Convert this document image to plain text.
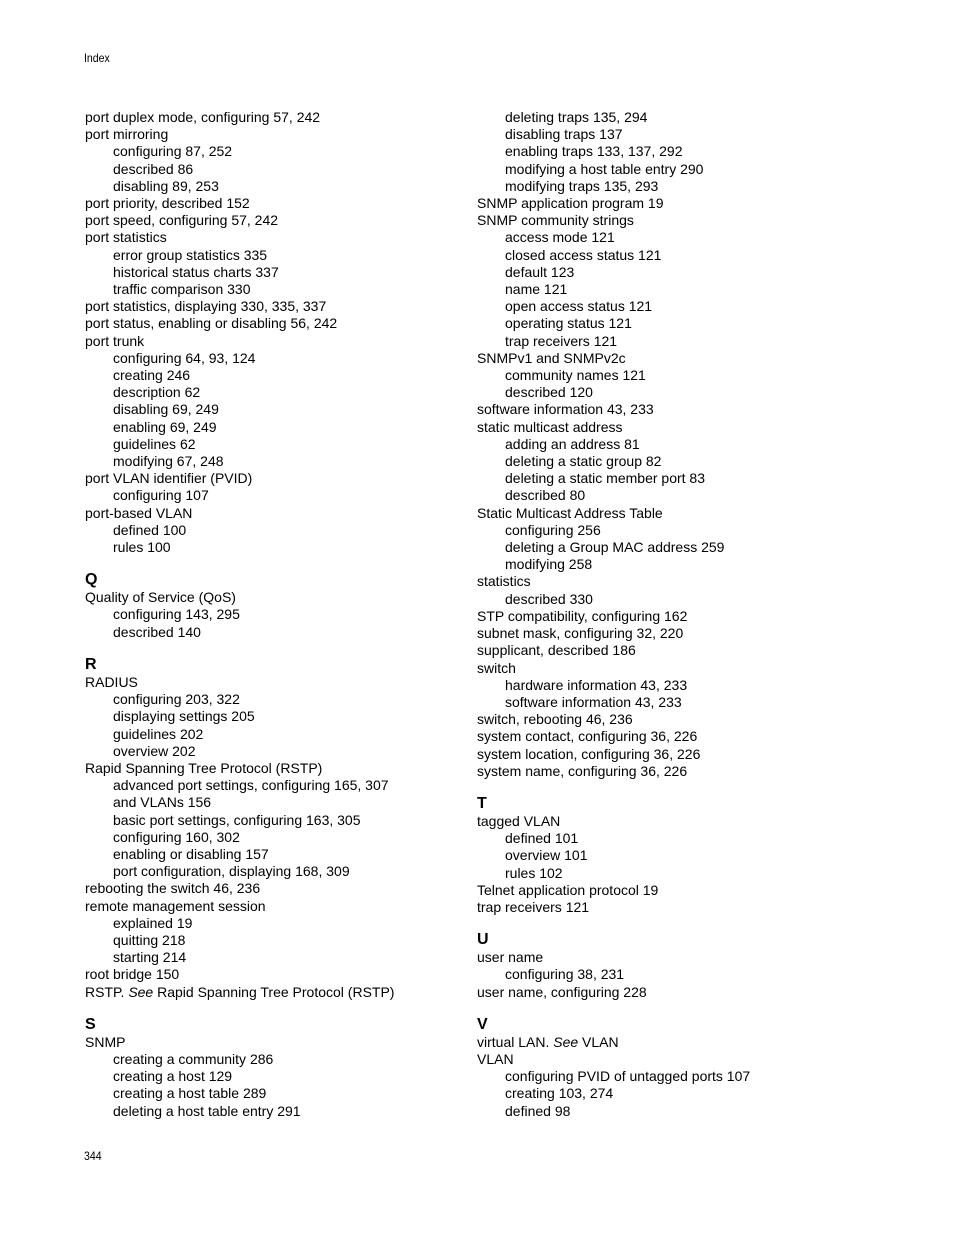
Index
port duplex mode, configuring 57, 242
port mirroring
configuring 87, 252
described 86
disabling 89, 253
port priority, described 152
port speed, configuring 57, 242
port statistics
error group statistics 335
historical status charts 337
traffic comparison 330
port statistics, displaying 330, 335, 337
port status, enabling or disabling 56, 242
port trunk
configuring 64, 93, 124
creating 246
description 62
disabling 69, 249
enabling 69, 249
guidelines 62
modifying 67, 248
port VLAN identifier (PVID)
configuring 107
port-based VLAN
defined 100
rules 100
Q
Quality of Service (QoS)
configuring 143, 295
described 140
R
RADIUS
configuring 203, 322
displaying settings 205
guidelines 202
overview 202
Rapid Spanning Tree Protocol (RSTP)
advanced port settings, configuring 165, 307
and VLANs 156
basic port settings, configuring 163, 305
configuring 160, 302
enabling or disabling 157
port configuration, displaying 168, 309
rebooting the switch 46, 236
remote management session
explained 19
quitting 218
starting 214
root bridge 150
RSTP. See Rapid Spanning Tree Protocol (RSTP)
S
SNMP
creating a community 286
creating a host 129
creating a host table 289
deleting a host table entry 291
deleting traps 135, 294
disabling traps 137
enabling traps 133, 137, 292
modifying a host table entry 290
modifying traps 135, 293
SNMP application program 19
SNMP community strings
access mode 121
closed access status 121
default 123
name 121
open access status 121
operating status 121
trap receivers 121
SNMPv1 and SNMPv2c
community names 121
described 120
software information 43, 233
static multicast address
adding an address 81
deleting a static group 82
deleting a static member port 83
described 80
Static Multicast Address Table
configuring 256
deleting a Group MAC address 259
modifying 258
statistics
described 330
STP compatibility, configuring 162
subnet mask, configuring 32, 220
supplicant, described 186
switch
hardware information 43, 233
software information 43, 233
switch, rebooting 46, 236
system contact, configuring 36, 226
system location, configuring 36, 226
system name, configuring 36, 226
T
tagged VLAN
defined 101
overview 101
rules 102
Telnet application protocol 19
trap receivers 121
U
user name
configuring 38, 231
user name, configuring 228
V
virtual LAN. See VLAN
VLAN
configuring PVID of untagged ports 107
creating 103, 274
defined 98
344
